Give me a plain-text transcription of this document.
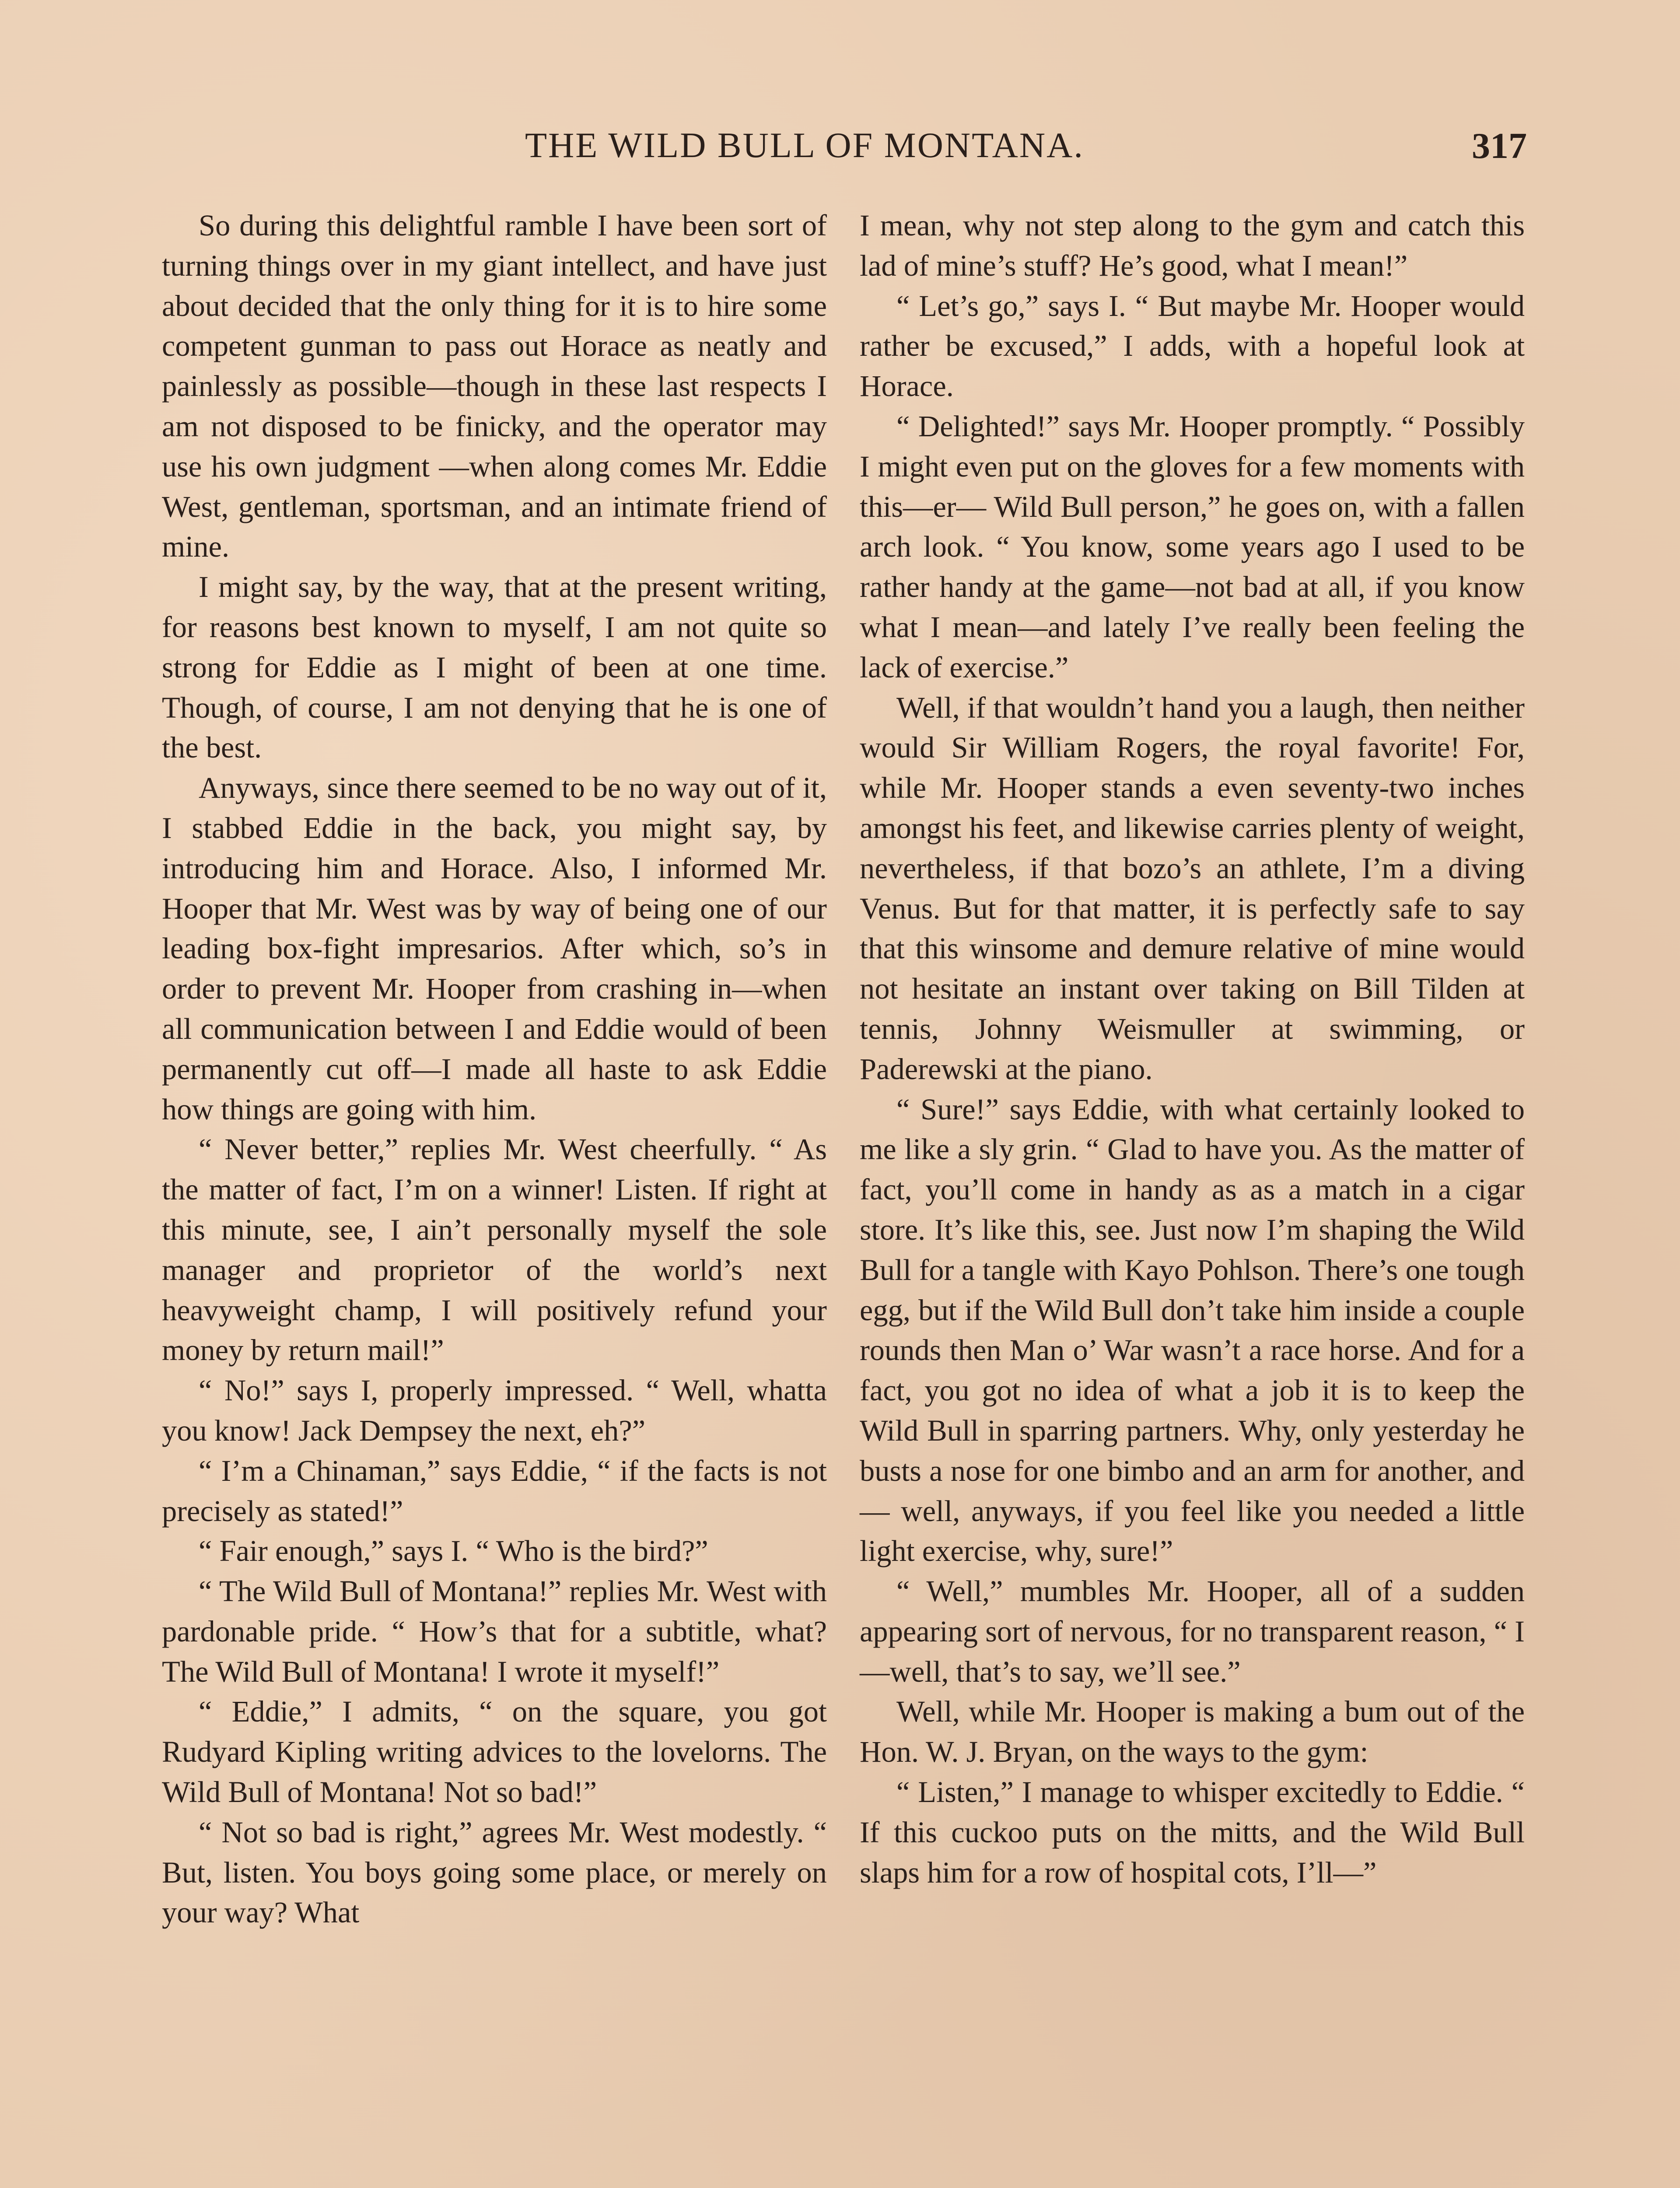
THE WILD BULL OF MONTANA.	317

So during this delightful ramble I have been sort of turning things over in my giant intellect, and have just about decided that the only thing for it is to hire some competent gunman to pass out Horace as neatly and painlessly as possible—though in these last respects I am not disposed to be finicky, and the operator may use his own judgment —when along comes Mr. Eddie West, gentleman, sportsman, and an intimate friend of mine.

I might say, by the way, that at the present writing, for reasons best known to myself, I am not quite so strong for Eddie as I might of been at one time. Though, of course, I am not denying that he is one of the best.

Anyways, since there seemed to be no way out of it, I stabbed Eddie in the back, you might say, by introducing him and Horace. Also, I informed Mr. Hooper that Mr. West was by way of being one of our leading box-fight impresarios. After which, so’s in order to prevent Mr. Hooper from crashing in—when all communication between I and Eddie would of been permanently cut off—I made all haste to ask Eddie how things are going with him.

“ Never better,” replies Mr. West cheerfully. “ As the matter of fact, I’m on a winner! Listen. If right at this minute, see, I ain’t personally myself the sole manager and proprietor of the world’s next heavyweight champ, I will positively refund your money by return mail!”

“ No!” says I, properly impressed. “ Well, whatta you know! Jack Dempsey the next, eh?”

“ I’m a Chinaman,” says Eddie, “ if the facts is not precisely as stated!”

“ Fair enough,” says I. “ Who is the bird?”

“ The Wild Bull of Montana!” replies Mr. West with pardonable pride. “ How’s that for a subtitle, what? The Wild Bull of Montana! I wrote it myself!”

“ Eddie,” I admits, “ on the square, you got Rudyard Kipling writing advices to the lovelorns. The Wild Bull of Montana! Not so bad!”

“ Not so bad is right,” agrees Mr. West modestly. “ But, listen. You boys going some place, or merely on your way? What

I mean, why not step along to the gym and catch this lad of mine’s stuff? He’s good, what I mean!”

“ Let’s go,” says I. “ But maybe Mr. Hooper would rather be excused,” I adds, with a hopeful look at Horace.

“ Delighted!” says Mr. Hooper promptly. “ Possibly I might even put on the gloves for a few moments with this—er— Wild Bull person,” he goes on, with a fallen arch look. “ You know, some years ago I used to be rather handy at the game—not bad at all, if you know what I mean—and lately I’ve really been feeling the lack of exercise.”

Well, if that wouldn’t hand you a laugh, then neither would Sir William Rogers, the royal favorite! For, while Mr. Hooper stands a even seventy-two inches amongst his feet, and likewise carries plenty of weight, nevertheless, if that bozo’s an athlete, I’m a diving Venus. But for that matter, it is perfectly safe to say that this winsome and demure relative of mine would not hesitate an instant over taking on Bill Tilden at tennis, Johnny Weismuller at swimming, or Paderewski at the piano.

“ Sure!” says Eddie, with what certainly looked to me like a sly grin. “ Glad to have you. As the matter of fact, you’ll come in handy as as a match in a cigar store. It’s like this, see. Just now I’m shaping the Wild Bull for a tangle with Kayo Pohlson. There’s one tough egg, but if the Wild Bull don’t take him inside a couple rounds then Man o’ War wasn’t a race horse. And for a fact, you got no idea of what a job it is to keep the Wild Bull in sparring partners. Why, only yesterday he busts a nose for one bimbo and an arm for another, and— well, anyways, if you feel like you needed a little light exercise, why, sure!”

“ Well,” mumbles Mr. Hooper, all of a sudden appearing sort of nervous, for no transparent reason, “ I—well, that’s to say, we’ll see.”

Well, while Mr. Hooper is making a bum out of the Hon. W. J. Bryan, on the ways to the gym:

“ Listen,” I manage to whisper excitedly to Eddie. “ If this cuckoo puts on the mitts, and the Wild Bull slaps him for a row of hospital cots, I’ll—”
